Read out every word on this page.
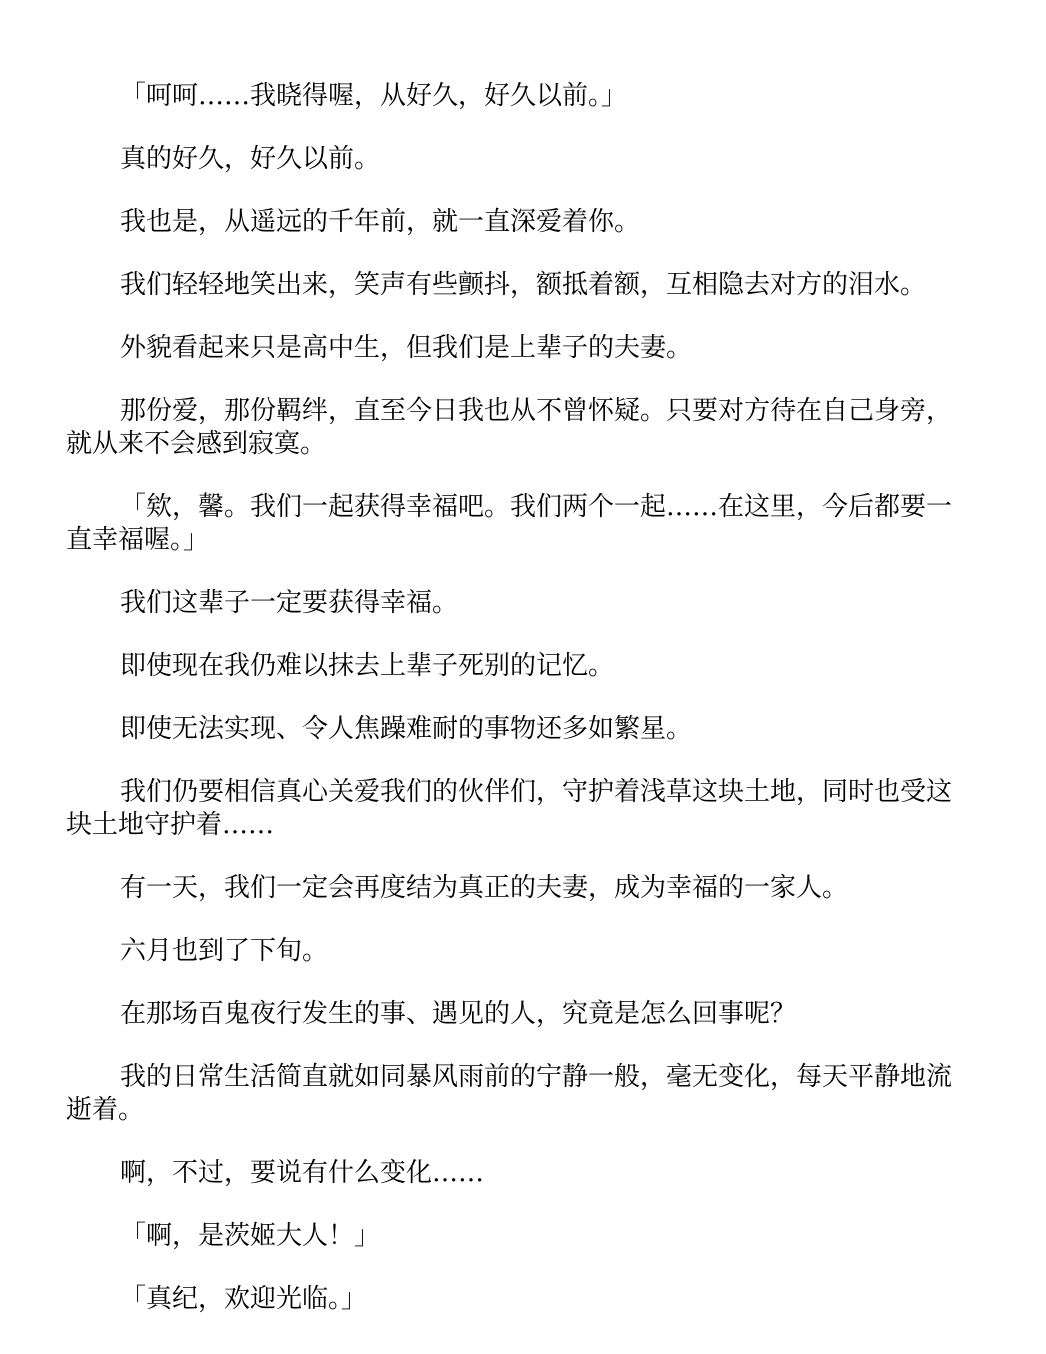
「呵呵……我晓得喔，从好久，好久以前。」

真的好久，好久以前。

我也是，从遥远的千年前，就一直深爱着你。

我们轻轻地笑出来，笑声有些颤抖，额抵着额，互相隐去对方的泪水。

外貌看起来只是高中生，但我们是上辈子的夫妻。

那份爱，那份羁绊，直至今日我也从不曾怀疑。只要对方待在自己身旁，就从来不会感到寂寞。

「欸，馨。我们一起获得幸福吧。我们两个一起……在这里，今后都要一直幸福喔。」

我们这辈子一定要获得幸福。

即使现在我仍难以抹去上辈子死别的记忆。

即使无法实现、令人焦躁难耐的事物还多如繁星。

我们仍要相信真心关爱我们的伙伴们，守护着浅草这块土地，同时也受这块土地守护着……

有一天，我们一定会再度结为真正的夫妻，成为幸福的一家人。

六月也到了下旬。

在那场百鬼夜行发生的事、遇见的人，究竟是怎么回事呢？

我的日常生活简直就如同暴风雨前的宁静一般，毫无变化，每天平静地流逝着。

啊，不过，要说有什么变化……

「啊，是茨姬大人！」

「真纪，欢迎光临。」
